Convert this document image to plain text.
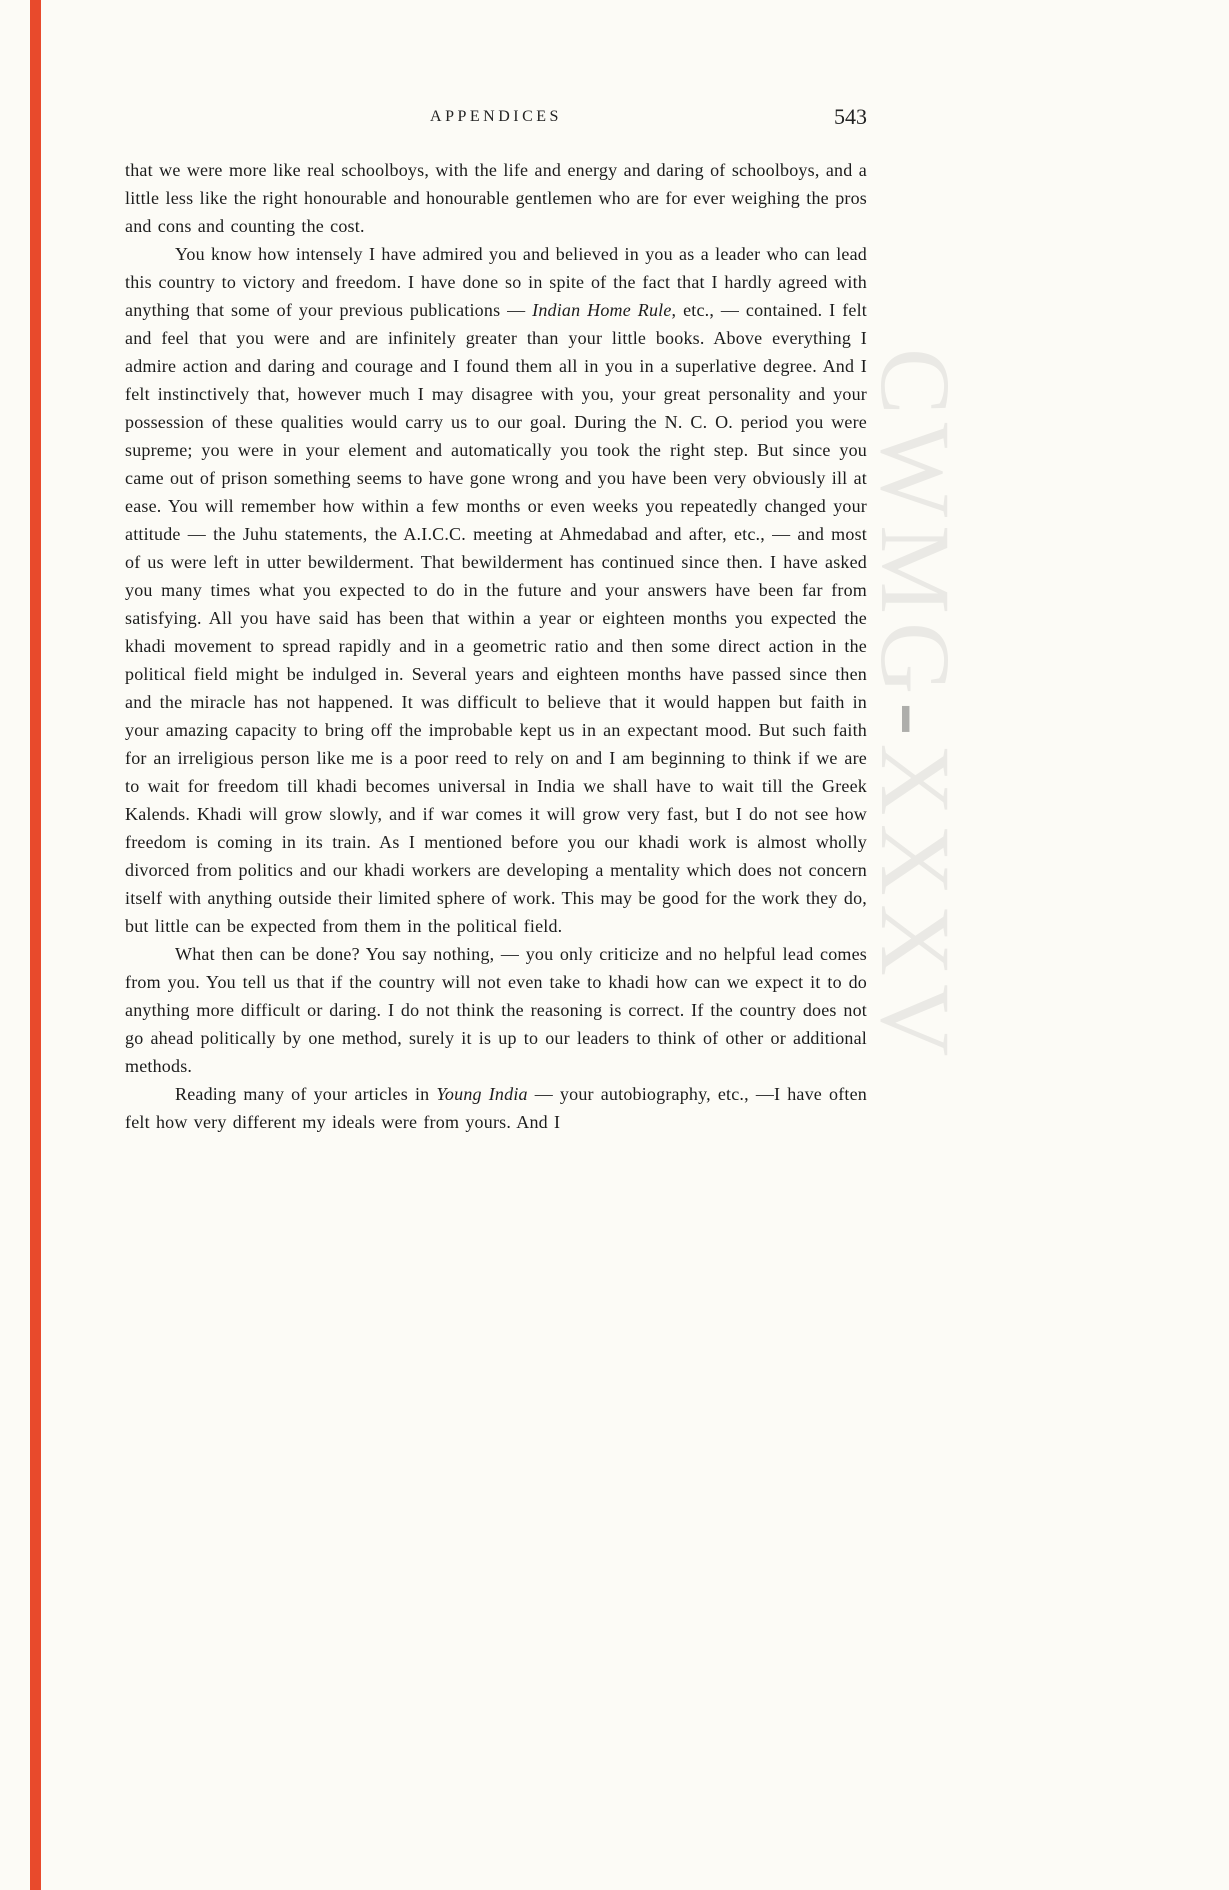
CWMG-XXXV
APPENDICES	543

that we were more like real schoolboys, with the life and energy and daring of schoolboys, and a little less like the right honourable and honourable gentlemen who are for ever weighing the pros and cons and counting the cost.

You know how intensely I have admired you and believed in you as a leader who can lead this country to victory and freedom. I have done so in spite of the fact that I hardly agreed with anything that some of your previous publications — Indian Home Rule, etc., — contained. I felt and feel that you were and are infinitely greater than your little books. Above everything I admire action and daring and courage and I found them all in you in a superlative degree. And I felt instinctively that, however much I may disagree with you, your great personality and your possession of these qualities would carry us to our goal. During the N. C. O. period you were supreme; you were in your element and automatically you took the right step. But since you came out of prison something seems to have gone wrong and you have been very obviously ill at ease. You will remember how within a few months or even weeks you repeatedly changed your attitude — the Juhu statements, the A.I.C.C. meeting at Ahmedabad and after, etc., — and most of us were left in utter bewilderment. That bewilderment has continued since then. I have asked you many times what you expected to do in the future and your answers have been far from satisfying. All you have said has been that within a year or eighteen months you expected the khadi movement to spread rapidly and in a geometric ratio and then some direct action in the political field might be indulged in. Several years and eighteen months have passed since then and the miracle has not happened. It was difficult to believe that it would happen but faith in your amazing capacity to bring off the improbable kept us in an expectant mood. But such faith for an irreligious person like me is a poor reed to rely on and I am beginning to think if we are to wait for freedom till khadi becomes universal in India we shall have to wait till the Greek Kalends. Khadi will grow slowly, and if war comes it will grow very fast, but I do not see how freedom is coming in its train. As I mentioned before you our khadi work is almost wholly divorced from politics and our khadi workers are developing a mentality which does not concern itself with anything outside their limited sphere of work. This may be good for the work they do, but little can be expected from them in the political field.

What then can be done? You say nothing, — you only criticize and no helpful lead comes from you. You tell us that if the country will not even take to khadi how can we expect it to do anything more difficult or daring. I do not think the reasoning is correct. If the country does not go ahead politically by one method, surely it is up to our leaders to think of other or additional methods.

Reading many of your articles in Young India — your autobiography, etc., —I have often felt how very different my ideals were from yours. And I
